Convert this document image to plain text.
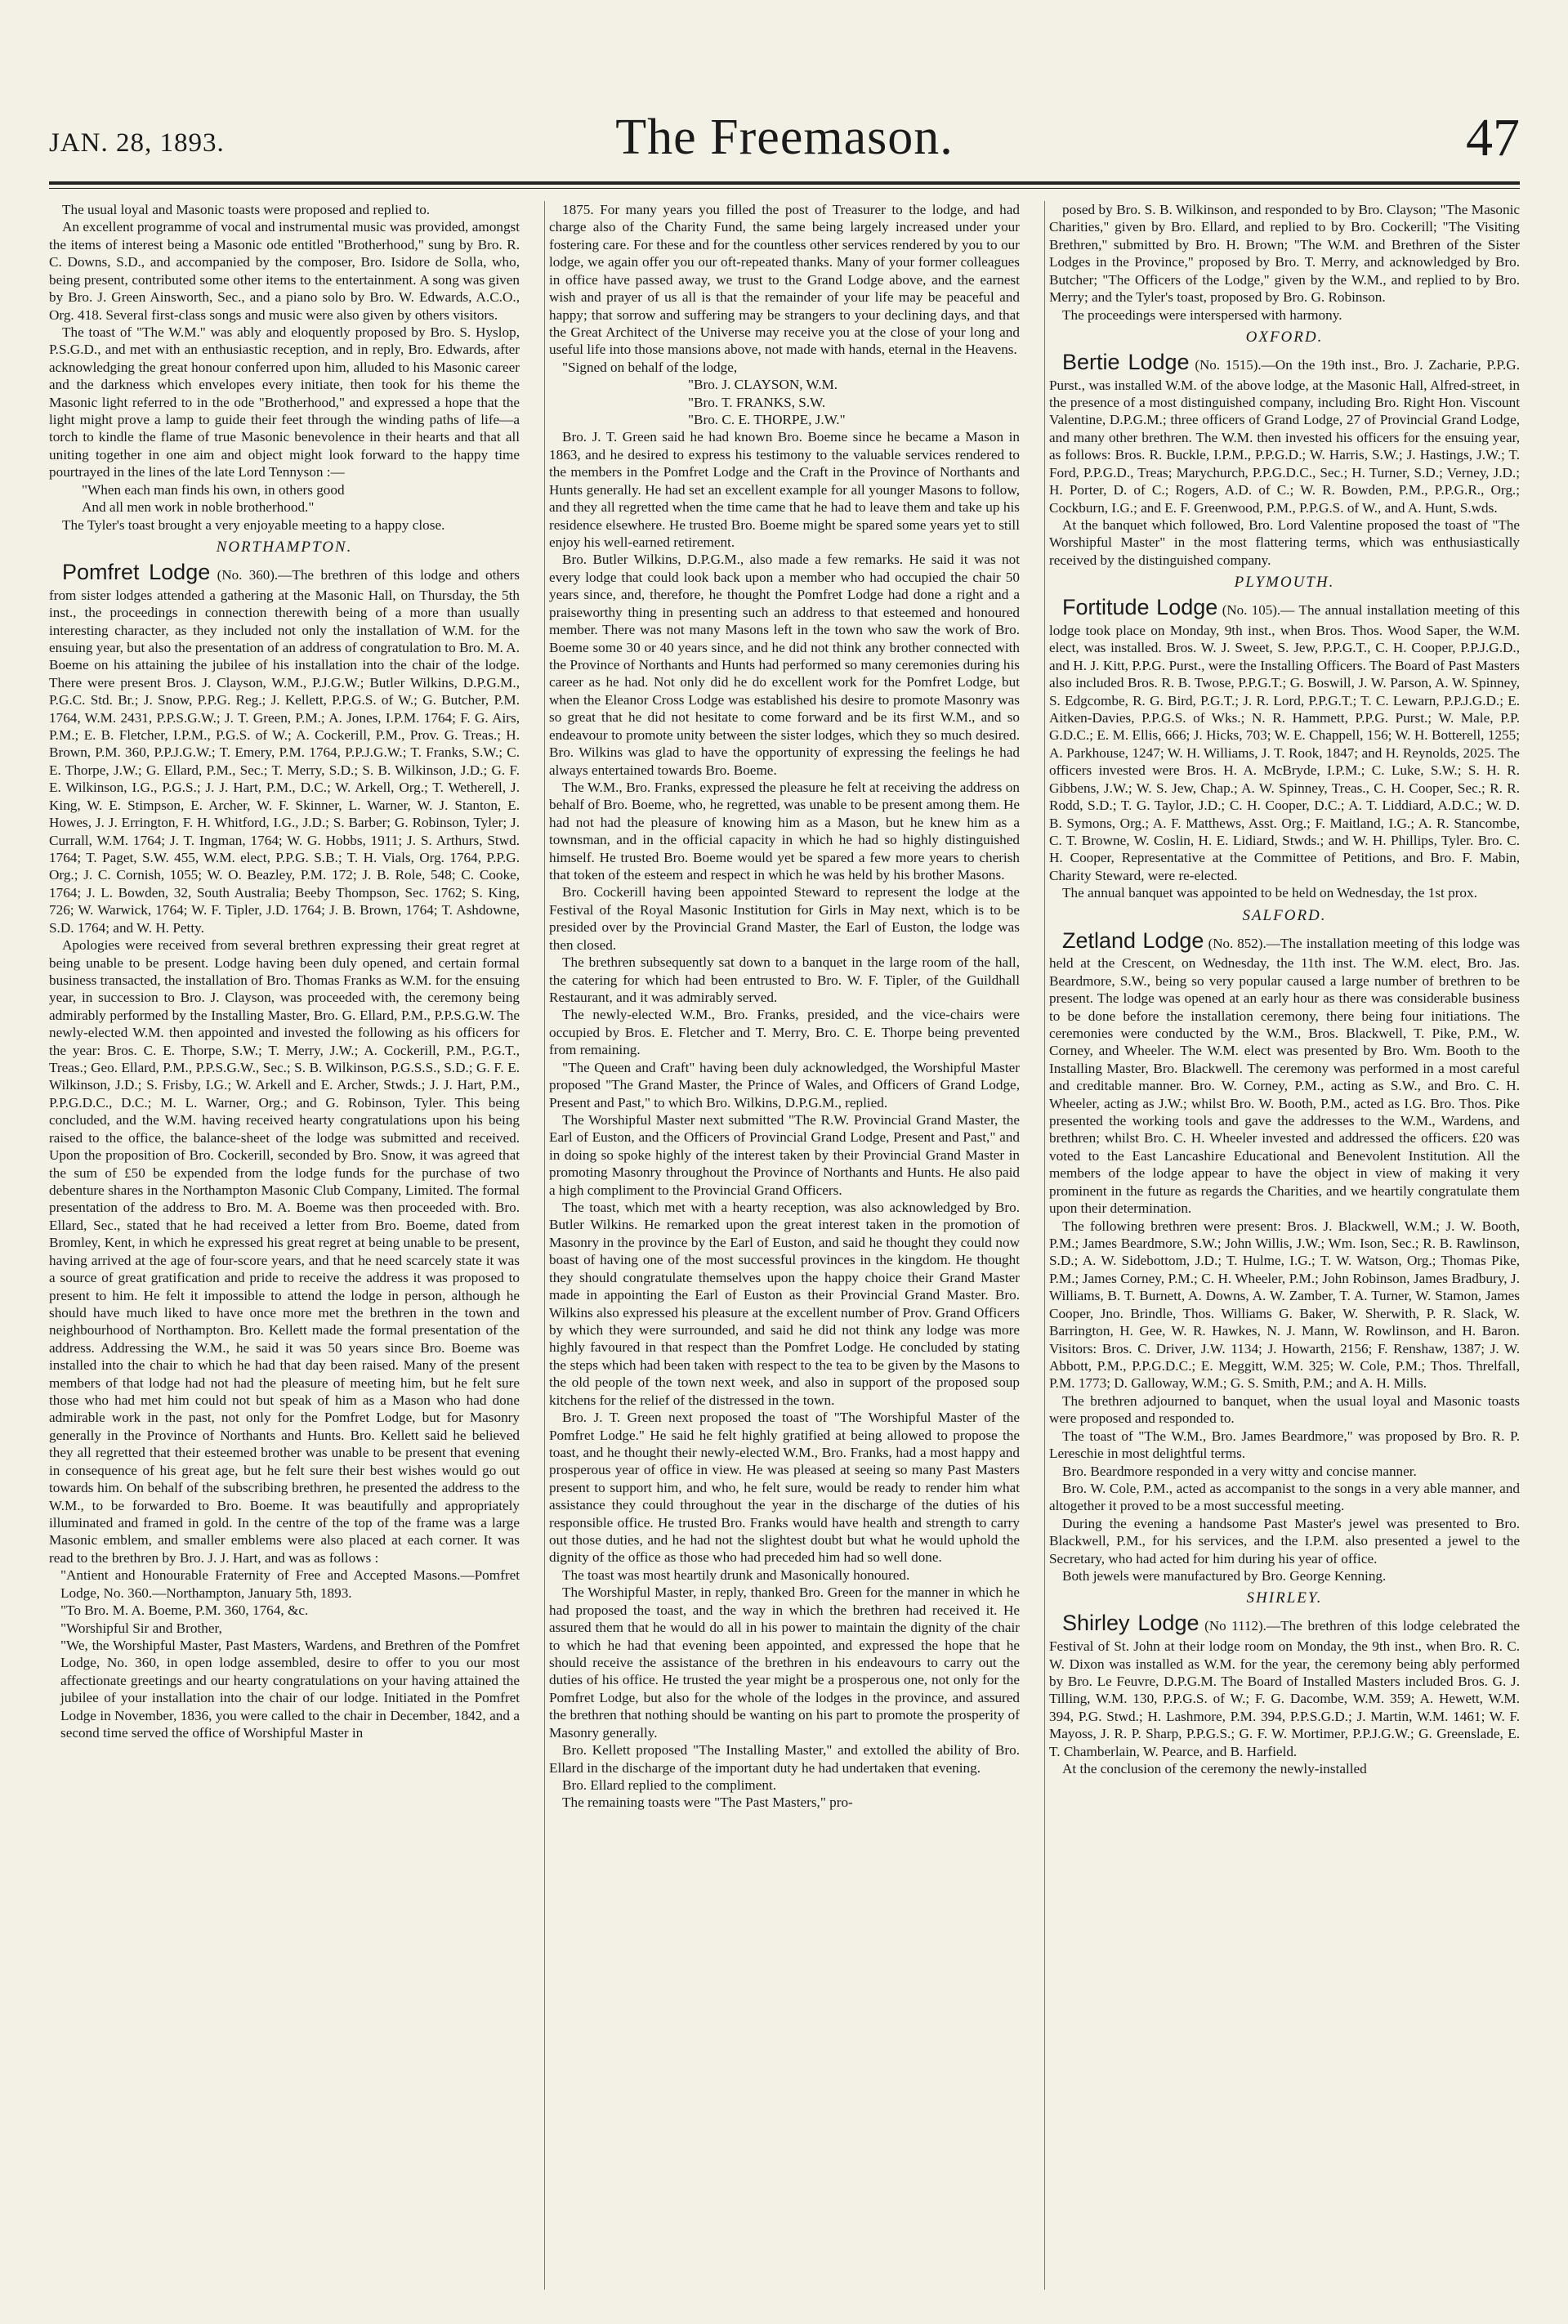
JAN. 28, 1893.	The Freemason.	47

The usual loyal and Masonic toasts were proposed and replied to.

An excellent programme of vocal and instrumental music was provided, amongst the items of interest being a Masonic ode entitled "Brotherhood," sung by Bro. R. C. Downs, S.D., and accompanied by the composer, Bro. Isidore de Solla, who, being present, contributed some other items to the entertainment. A song was given by Bro. J. Green Ainsworth, Sec., and a piano solo by Bro. W. Edwards, A.C.O., Org. 418. Several first-class songs and music were also given by others visitors.

The toast of "The W.M." was ably and eloquently proposed by Bro. S. Hyslop, P.S.G.D., and met with an enthusiastic reception, and in reply, Bro. Edwards, after acknowledging the great honour conferred upon him, alluded to his Masonic career and the darkness which envelopes every initiate, then took for his theme the Masonic light referred to in the ode "Brotherhood," and expressed a hope that the light might prove a lamp to guide their feet through the winding paths of life—a torch to kindle the flame of true Masonic benevolence in their hearts and that all uniting together in one aim and object might look forward to the happy time pourtrayed in the lines of the late Lord Tennyson :—

"When each man finds his own, in others good

And all men work in noble brotherhood."

The Tyler's toast brought a very enjoyable meeting to a happy close.

NORTHAMPTON.

Pomfret Lodge (No. 360).—The brethren of this lodge and others from sister lodges attended a gathering at the Masonic Hall, on Thursday, the 5th inst., the proceedings in connection therewith being of a more than usually interesting character, as they included not only the installation of W.M. for the ensuing year, but also the presentation of an address of congratulation to Bro. M. A. Boeme on his attaining the jubilee of his installation into the chair of the lodge. There were present Bros. J. Clayson, W.M., P.J.G.W.; Butler Wilkins, D.P.G.M., P.G.C. Std. Br.; J. Snow, P.P.G. Reg.; J. Kellett, P.P.G.S. of W.; G. Butcher, P.M. 1764, W.M. 2431, P.P.S.G.W.; J. T. Green, P.M.; A. Jones, I.P.M. 1764; F. G. Airs, P.M.; E. B. Fletcher, I.P.M., P.G.S. of W.; A. Cockerill, P.M., Prov. G. Treas.; H. Brown, P.M. 360, P.P.J.G.W.; T. Emery, P.M. 1764, P.P.J.G.W.; T. Franks, S.W.; C. E. Thorpe, J.W.; G. Ellard, P.M., Sec.; T. Merry, S.D.; S. B. Wilkinson, J.D.; G. F. E. Wilkinson, I.G., P.G.S.; J. J. Hart, P.M., D.C.; W. Arkell, Org.; T. Wetherell, J. King, W. E. Stimpson, E. Archer, W. F. Skinner, L. Warner, W. J. Stanton, E. Howes, J. J. Errington, F. H. Whitford, I.G., J.D.; S. Barber; G. Robinson, Tyler; J. Currall, W.M. 1764; J. T. Ingman, 1764; W. G. Hobbs, 1911; J. S. Arthurs, Stwd. 1764; T. Paget, S.W. 455, W.M. elect, P.P.G. S.B.; T. H. Vials, Org. 1764, P.P.G. Org.; J. C. Cornish, 1055; W. O. Beazley, P.M. 172; J. B. Role, 548; C. Cooke, 1764; J. L. Bowden, 32, South Australia; Beeby Thompson, Sec. 1762; S. King, 726; W. Warwick, 1764; W. F. Tipler, J.D. 1764; J. B. Brown, 1764; T. Ashdowne, S.D. 1764; and W. H. Petty.

Apologies were received from several brethren expressing their great regret at being unable to be present. Lodge having been duly opened, and certain formal business transacted, the installation of Bro. Thomas Franks as W.M. for the ensuing year, in succession to Bro. J. Clayson, was proceeded with, the ceremony being admirably performed by the Installing Master, Bro. G. Ellard, P.M., P.P.S.G.W. The newly-elected W.M. then appointed and invested the following as his officers for the year: Bros. C. E. Thorpe, S.W.; T. Merry, J.W.; A. Cockerill, P.M., P.G.T., Treas.; Geo. Ellard, P.M., P.P.S.G.W., Sec.; S. B. Wilkinson, P.G.S.S., S.D.; G. F. E. Wilkinson, J.D.; S. Frisby, I.G.; W. Arkell and E. Archer, Stwds.; J. J. Hart, P.M., P.P.G.D.C., D.C.; M. L. Warner, Org.; and G. Robinson, Tyler. This being concluded, and the W.M. having received hearty congratulations upon his being raised to the office, the balance-sheet of the lodge was submitted and received. Upon the proposition of Bro. Cockerill, seconded by Bro. Snow, it was agreed that the sum of £50 be expended from the lodge funds for the purchase of two debenture shares in the Northampton Masonic Club Company, Limited. The formal presentation of the address to Bro. M. A. Boeme was then proceeded with. Bro. Ellard, Sec., stated that he had received a letter from Bro. Boeme, dated from Bromley, Kent, in which he expressed his great regret at being unable to be present, having arrived at the age of four-score years, and that he need scarcely state it was a source of great gratification and pride to receive the address it was proposed to present to him. He felt it impossible to attend the lodge in person, although he should have much liked to have once more met the brethren in the town and neighbourhood of Northampton. Bro. Kellett made the formal presentation of the address. Addressing the W.M., he said it was 50 years since Bro. Boeme was installed into the chair to which he had that day been raised. Many of the present members of that lodge had not had the pleasure of meeting him, but he felt sure those who had met him could not but speak of him as a Mason who had done admirable work in the past, not only for the Pomfret Lodge, but for Masonry generally in the Province of Northants and Hunts. Bro. Kellett said he believed they all regretted that their esteemed brother was unable to be present that evening in consequence of his great age, but he felt sure their best wishes would go out towards him. On behalf of the subscribing brethren, he presented the address to the W.M., to be forwarded to Bro. Boeme. It was beautifully and appropriately illuminated and framed in gold. In the centre of the top of the frame was a large Masonic emblem, and smaller emblems were also placed at each corner. It was read to the brethren by Bro. J. J. Hart, and was as follows :

"Antient and Honourable Fraternity of Free and Accepted Masons.—Pomfret Lodge, No. 360.—Northampton, January 5th, 1893.

"To Bro. M. A. Boeme, P.M. 360, 1764, &c.

"Worshipful Sir and Brother,

"We, the Worshipful Master, Past Masters, Wardens, and Brethren of the Pomfret Lodge, No. 360, in open lodge assembled, desire to offer to you our most affectionate greetings and our hearty congratulations on your having attained the jubilee of your installation into the chair of our lodge. Initiated in the Pomfret Lodge in November, 1836, you were called to the chair in December, 1842, and a second time served the office of Worshipful Master in

1875. For many years you filled the post of Treasurer to the lodge, and had charge also of the Charity Fund, the same being largely increased under your fostering care. For these and for the countless other services rendered by you to our lodge, we again offer you our oft-repeated thanks. Many of your former colleagues in office have passed away, we trust to the Grand Lodge above, and the earnest wish and prayer of us all is that the remainder of your life may be peaceful and happy; that sorrow and suffering may be strangers to your declining days, and that the Great Architect of the Universe may receive you at the close of your long and useful life into those mansions above, not made with hands, eternal in the Heavens.

"Signed on behalf of the lodge,

"Bro. J. CLAYSON, W.M.

"Bro. T. FRANKS, S.W.

"Bro. C. E. THORPE, J.W."

Bro. J. T. Green said he had known Bro. Boeme since he became a Mason in 1863, and he desired to express his testimony to the valuable services rendered to the members in the Pomfret Lodge and the Craft in the Province of Northants and Hunts generally. He had set an excellent example for all younger Masons to follow, and they all regretted when the time came that he had to leave them and take up his residence elsewhere. He trusted Bro. Boeme might be spared some years yet to still enjoy his well-earned retirement.

Bro. Butler Wilkins, D.P.G.M., also made a few remarks. He said it was not every lodge that could look back upon a member who had occupied the chair 50 years since, and, therefore, he thought the Pomfret Lodge had done a right and a praiseworthy thing in presenting such an address to that esteemed and honoured member. There was not many Masons left in the town who saw the work of Bro. Boeme some 30 or 40 years since, and he did not think any brother connected with the Province of Northants and Hunts had performed so many ceremonies during his career as he had. Not only did he do excellent work for the Pomfret Lodge, but when the Eleanor Cross Lodge was established his desire to promote Masonry was so great that he did not hesitate to come forward and be its first W.M., and so endeavour to promote unity between the sister lodges, which they so much desired. Bro. Wilkins was glad to have the opportunity of expressing the feelings he had always entertained towards Bro. Boeme.

The W.M., Bro. Franks, expressed the pleasure he felt at receiving the address on behalf of Bro. Boeme, who, he regretted, was unable to be present among them. He had not had the pleasure of knowing him as a Mason, but he knew him as a townsman, and in the official capacity in which he had so highly distinguished himself. He trusted Bro. Boeme would yet be spared a few more years to cherish that token of the esteem and respect in which he was held by his brother Masons.

Bro. Cockerill having been appointed Steward to represent the lodge at the Festival of the Royal Masonic Institution for Girls in May next, which is to be presided over by the Provincial Grand Master, the Earl of Euston, the lodge was then closed.

The brethren subsequently sat down to a banquet in the large room of the hall, the catering for which had been entrusted to Bro. W. F. Tipler, of the Guildhall Restaurant, and it was admirably served.

The newly-elected W.M., Bro. Franks, presided, and the vice-chairs were occupied by Bros. E. Fletcher and T. Merry, Bro. C. E. Thorpe being prevented from remaining.

"The Queen and Craft" having been duly acknowledged, the Worshipful Master proposed "The Grand Master, the Prince of Wales, and Officers of Grand Lodge, Present and Past," to which Bro. Wilkins, D.P.G.M., replied.

The Worshipful Master next submitted "The R.W. Provincial Grand Master, the Earl of Euston, and the Officers of Provincial Grand Lodge, Present and Past," and in doing so spoke highly of the interest taken by their Provincial Grand Master in promoting Masonry throughout the Province of Northants and Hunts. He also paid a high compliment to the Provincial Grand Officers.

The toast, which met with a hearty reception, was also acknowledged by Bro. Butler Wilkins. He remarked upon the great interest taken in the promotion of Masonry in the province by the Earl of Euston, and said he thought they could now boast of having one of the most successful provinces in the kingdom. He thought they should congratulate themselves upon the happy choice their Grand Master made in appointing the Earl of Euston as their Provincial Grand Master. Bro. Wilkins also expressed his pleasure at the excellent number of Prov. Grand Officers by which they were surrounded, and said he did not think any lodge was more highly favoured in that respect than the Pomfret Lodge. He concluded by stating the steps which had been taken with respect to the tea to be given by the Masons to the old people of the town next week, and also in support of the proposed soup kitchens for the relief of the distressed in the town.

Bro. J. T. Green next proposed the toast of "The Worshipful Master of the Pomfret Lodge." He said he felt highly gratified at being allowed to propose the toast, and he thought their newly-elected W.M., Bro. Franks, had a most happy and prosperous year of office in view. He was pleased at seeing so many Past Masters present to support him, and who, he felt sure, would be ready to render him what assistance they could throughout the year in the discharge of the duties of his responsible office. He trusted Bro. Franks would have health and strength to carry out those duties, and he had not the slightest doubt but what he would uphold the dignity of the office as those who had preceded him had so well done.

The toast was most heartily drunk and Masonically honoured.

The Worshipful Master, in reply, thanked Bro. Green for the manner in which he had proposed the toast, and the way in which the brethren had received it. He assured them that he would do all in his power to maintain the dignity of the chair to which he had that evening been appointed, and expressed the hope that he should receive the assistance of the brethren in his endeavours to carry out the duties of his office. He trusted the year might be a prosperous one, not only for the Pomfret Lodge, but also for the whole of the lodges in the province, and assured the brethren that nothing should be wanting on his part to promote the prosperity of Masonry generally.

Bro. Kellett proposed "The Installing Master," and extolled the ability of Bro. Ellard in the discharge of the important duty he had undertaken that evening.

Bro. Ellard replied to the compliment.

The remaining toasts were "The Past Masters," pro-

posed by Bro. S. B. Wilkinson, and responded to by Bro. Clayson; "The Masonic Charities," given by Bro. Ellard, and replied to by Bro. Cockerill; "The Visiting Brethren," submitted by Bro. H. Brown; "The W.M. and Brethren of the Sister Lodges in the Province," proposed by Bro. T. Merry, and acknowledged by Bro. Butcher; "The Officers of the Lodge," given by the W.M., and replied to by Bro. Merry; and the Tyler's toast, proposed by Bro. G. Robinson.

The proceedings were interspersed with harmony.

OXFORD.

Bertie Lodge (No. 1515).—On the 19th inst., Bro. J. Zacharie, P.P.G. Purst., was installed W.M. of the above lodge, at the Masonic Hall, Alfred-street, in the presence of a most distinguished company, including Bro. Right Hon. Viscount Valentine, D.P.G.M.; three officers of Grand Lodge, 27 of Provincial Grand Lodge, and many other brethren. The W.M. then invested his officers for the ensuing year, as follows: Bros. R. Buckle, I.P.M., P.P.G.D.; W. Harris, S.W.; J. Hastings, J.W.; T. Ford, P.P.G.D., Treas; Marychurch, P.P.G.D.C., Sec.; H. Turner, S.D.; Verney, J.D.; H. Porter, D. of C.; Rogers, A.D. of C.; W. R. Bowden, P.M., P.P.G.R., Org.; Cockburn, I.G.; and E. F. Greenwood, P.M., P.P.G.S. of W., and A. Hunt, S.wds.

At the banquet which followed, Bro. Lord Valentine proposed the toast of "The Worshipful Master" in the most flattering terms, which was enthusiastically received by the distinguished company.

PLYMOUTH.

Fortitude Lodge (No. 105).— The annual installation meeting of this lodge took place on Monday, 9th inst., when Bros. Thos. Wood Saper, the W.M. elect, was installed. Bros. W. J. Sweet, S. Jew, P.P.G.T., C. H. Cooper, P.P.J.G.D., and H. J. Kitt, P.P.G. Purst., were the Installing Officers. The Board of Past Masters also included Bros. R. B. Twose, P.P.G.T.; G. Boswill, J. W. Parson, A. W. Spinney, S. Edgcombe, R. G. Bird, P.G.T.; J. R. Lord, P.P.G.T.; T. C. Lewarn, P.P.J.G.D.; E. Aitken-Davies, P.P.G.S. of Wks.; N. R. Hammett, P.P.G. Purst.; W. Male, P.P. G.D.C.; E. M. Ellis, 666; J. Hicks, 703; W. E. Chappell, 156; W. H. Botterell, 1255; A. Parkhouse, 1247; W. H. Williams, J. T. Rook, 1847; and H. Reynolds, 2025. The officers invested were Bros. H. A. McBryde, I.P.M.; C. Luke, S.W.; S. H. R. Gibbens, J.W.; W. S. Jew, Chap.; A. W. Spinney, Treas., C. H. Cooper, Sec.; R. R. Rodd, S.D.; T. G. Taylor, J.D.; C. H. Cooper, D.C.; A. T. Liddiard, A.D.C.; W. D. B. Symons, Org.; A. F. Matthews, Asst. Org.; F. Maitland, I.G.; A. R. Stancombe, C. T. Browne, W. Coslin, H. E. Lidiard, Stwds.; and W. H. Phillips, Tyler. Bro. C. H. Cooper, Representative at the Committee of Petitions, and Bro. F. Mabin, Charity Steward, were re-elected.

The annual banquet was appointed to be held on Wednesday, the 1st prox.

SALFORD.

Zetland Lodge (No. 852).—The installation meeting of this lodge was held at the Crescent, on Wednesday, the 11th inst. The W.M. elect, Bro. Jas. Beardmore, S.W., being so very popular caused a large number of brethren to be present. The lodge was opened at an early hour as there was considerable business to be done before the installation ceremony, there being four initiations. The ceremonies were conducted by the W.M., Bros. Blackwell, T. Pike, P.M., W. Corney, and Wheeler. The W.M. elect was presented by Bro. Wm. Booth to the Installing Master, Bro. Blackwell. The ceremony was performed in a most careful and creditable manner. Bro. W. Corney, P.M., acting as S.W., and Bro. C. H. Wheeler, acting as J.W.; whilst Bro. W. Booth, P.M., acted as I.G. Bro. Thos. Pike presented the working tools and gave the addresses to the W.M., Wardens, and brethren; whilst Bro. C. H. Wheeler invested and addressed the officers. £20 was voted to the East Lancashire Educational and Benevolent Institution. All the members of the lodge appear to have the object in view of making it very prominent in the future as regards the Charities, and we heartily congratulate them upon their determination.

The following brethren were present: Bros. J. Blackwell, W.M.; J. W. Booth, P.M.; James Beardmore, S.W.; John Willis, J.W.; Wm. Ison, Sec.; R. B. Rawlinson, S.D.; A. W. Sidebottom, J.D.; T. Hulme, I.G.; T. W. Watson, Org.; Thomas Pike, P.M.; James Corney, P.M.; C. H. Wheeler, P.M.; John Robinson, James Bradbury, J. Williams, B. T. Burnett, A. Downs, A. W. Zamber, T. A. Turner, W. Stamon, James Cooper, Jno. Brindle, Thos. Williams G. Baker, W. Sherwith, P. R. Slack, W. Barrington, H. Gee, W. R. Hawkes, N. J. Mann, W. Rowlinson, and H. Baron. Visitors: Bros. C. Driver, J.W. 1134; J. Howarth, 2156; F. Renshaw, 1387; J. W. Abbott, P.M., P.P.G.D.C.; E. Meggitt, W.M. 325; W. Cole, P.M.; Thos. Threlfall, P.M. 1773; D. Galloway, W.M.; G. S. Smith, P.M.; and A. H. Mills.

The brethren adjourned to banquet, when the usual loyal and Masonic toasts were proposed and responded to.

The toast of "The W.M., Bro. James Beardmore," was proposed by Bro. R. P. Lereschie in most delightful terms.

Bro. Beardmore responded in a very witty and concise manner.

Bro. W. Cole, P.M., acted as accompanist to the songs in a very able manner, and altogether it proved to be a most successful meeting.

During the evening a handsome Past Master's jewel was presented to Bro. Blackwell, P.M., for his services, and the I.P.M. also presented a jewel to the Secretary, who had acted for him during his year of office.

Both jewels were manufactured by Bro. George Kenning.

SHIRLEY.

Shirley Lodge (No 1112).—The brethren of this lodge celebrated the Festival of St. John at their lodge room on Monday, the 9th inst., when Bro. R. C. W. Dixon was installed as W.M. for the year, the ceremony being ably performed by Bro. Le Feuvre, D.P.G.M. The Board of Installed Masters included Bros. G. J. Tilling, W.M. 130, P.P.G.S. of W.; F. G. Dacombe, W.M. 359; A. Hewett, W.M. 394, P.G. Stwd.; H. Lashmore, P.M. 394, P.P.S.G.D.; J. Martin, W.M. 1461; W. F. Mayoss, J. R. P. Sharp, P.P.G.S.; G. F. W. Mortimer, P.P.J.G.W.; G. Greenslade, E. T. Chamberlain, W. Pearce, and B. Harfield.

At the conclusion of the ceremony the newly-installed
